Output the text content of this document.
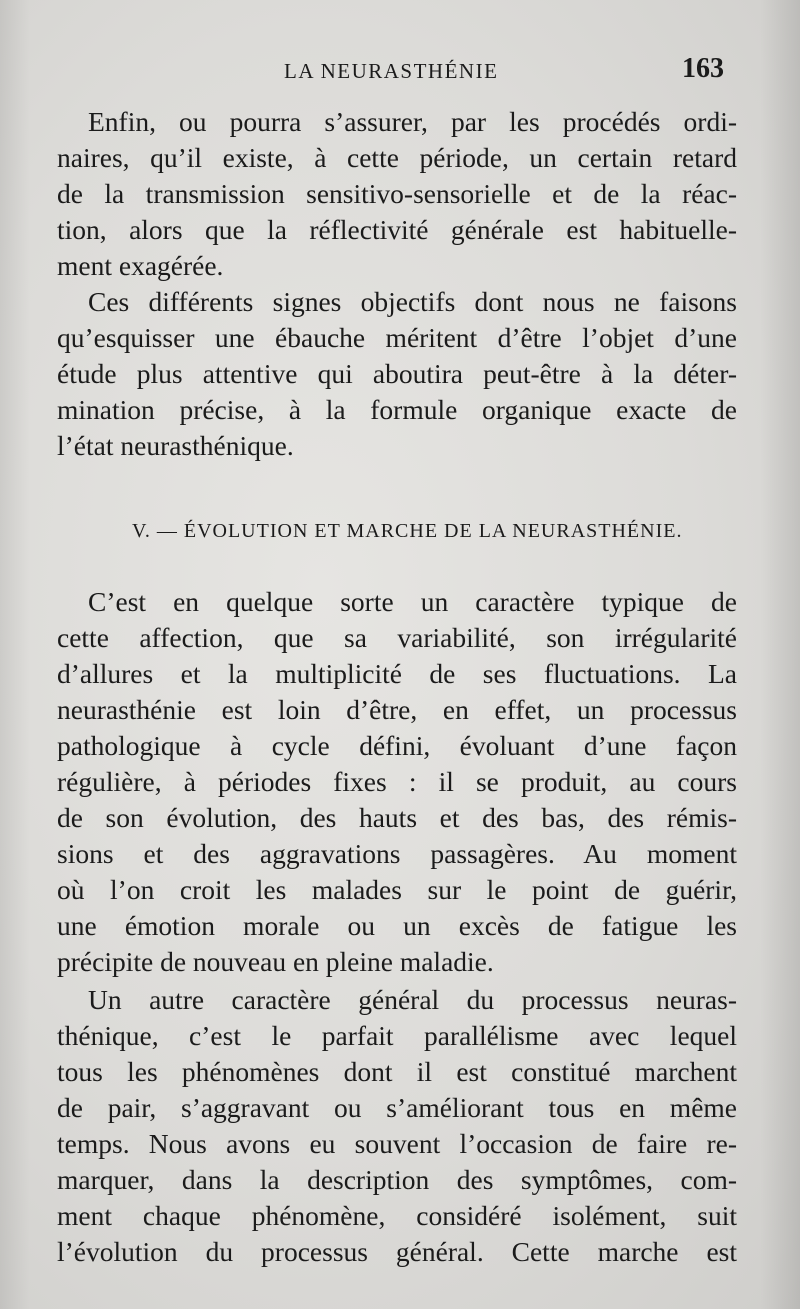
LA NEURASTHÉNIE	163
Enfin, ou pourra s’assurer, par les procédés ordi-
naires, qu’il existe, à cette période, un certain retard
de la transmission sensitivo-sensorielle et de la réac-
tion, alors que la réflectivité générale est habituelle-
ment exagérée.
Ces différents signes objectifs dont nous ne faisons
qu’esquisser une ébauche méritent d’être l’objet d’une
étude plus attentive qui aboutira peut-être à la déter-
mination précise, à la formule organique exacte de
l’état neurasthénique.
V. — ÉVOLUTION ET MARCHE DE LA NEURASTHÉNIE.
C’est en quelque sorte un caractère typique de
cette affection, que sa variabilité, son irrégularité
d’allures et la multiplicité de ses fluctuations. La
neurasthénie est loin d’être, en effet, un processus
pathologique à cycle défini, évoluant d’une façon
régulière, à périodes fixes : il se produit, au cours
de son évolution, des hauts et des bas, des rémis-
sions et des aggravations passagères. Au moment
où l’on croit les malades sur le point de guérir,
une émotion morale ou un excès de fatigue les
précipite de nouveau en pleine maladie.
Un autre caractère général du processus neuras-
thénique, c’est le parfait parallélisme avec lequel
tous les phénomènes dont il est constitué marchent
de pair, s’aggravant ou s’améliorant tous en même
temps. Nous avons eu souvent l’occasion de faire re-
marquer, dans la description des symptômes, com-
ment chaque phénomène, considéré isolément, suit
l’évolution du processus général. Cette marche est
